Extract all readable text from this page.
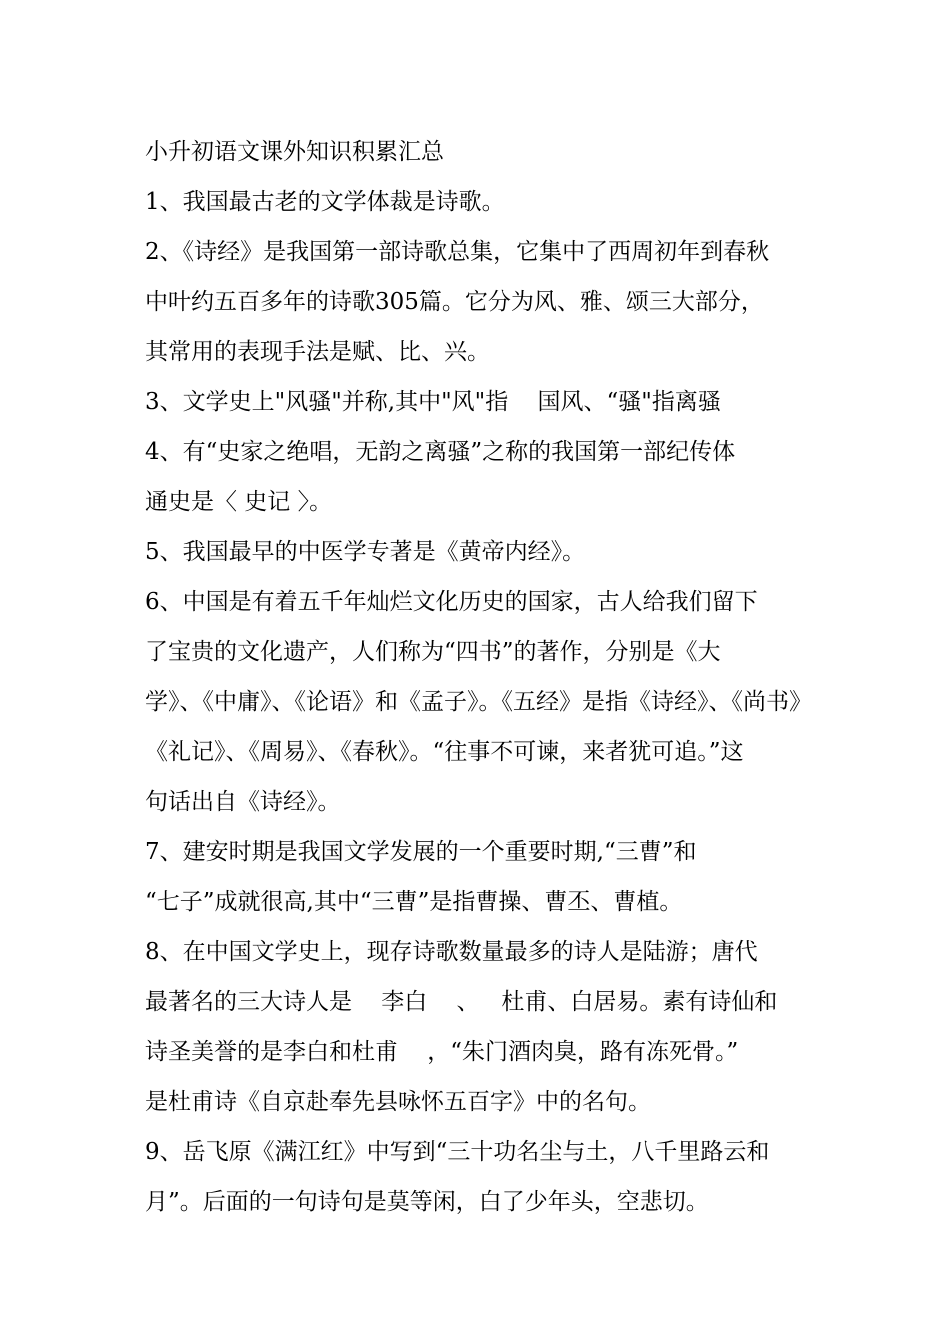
小升初语文课外知识积累汇总
1、我国最古老的文学体裁是诗歌。
2、《诗经》是我国第一部诗歌总集，它集中了西周初年到春秋
中叶约五百多年的诗歌305篇。它分为风、雅、颂三大部分，
其常用的表现手法是赋、比、兴。
3、文学史上"风骚"并称,其中"风"指    国风、“骚"指离骚
4、有“史家之绝唱，无韵之离骚”之称的我国第一部纪传体
通史是〈 史记 〉。
5、我国最早的中医学专著是《黄帝内经》。
6、中国是有着五千年灿烂文化历史的国家，古人给我们留下
了宝贵的文化遗产，人们称为“四书”的著作，分别是《大
学》、《中庸》、《论语》和《孟子》。《五经》是指《诗经》、《尚书》
《礼记》、《周易》、《春秋》。“往事不可谏，来者犹可追。”这
句话出自《诗经》。
7、建安时期是我国文学发展的一个重要时期,“三曹”和
“七子”成就很高,其中“三曹”是指曹操、曹丕、曹植。
8、在中国文学史上，现存诗歌数量最多的诗人是陆游；唐代
最著名的三大诗人是    李白    、   杜甫、白居易。素有诗仙和
诗圣美誉的是李白和杜甫    ，“朱门酒肉臭，路有冻死骨。”
是杜甫诗《自京赴奉先县咏怀五百字》中的名句。
9、岳飞原《满江红》中写到“三十功名尘与土，八千里路云和
月”。后面的一句诗句是莫等闲，白了少年头，空悲切。
